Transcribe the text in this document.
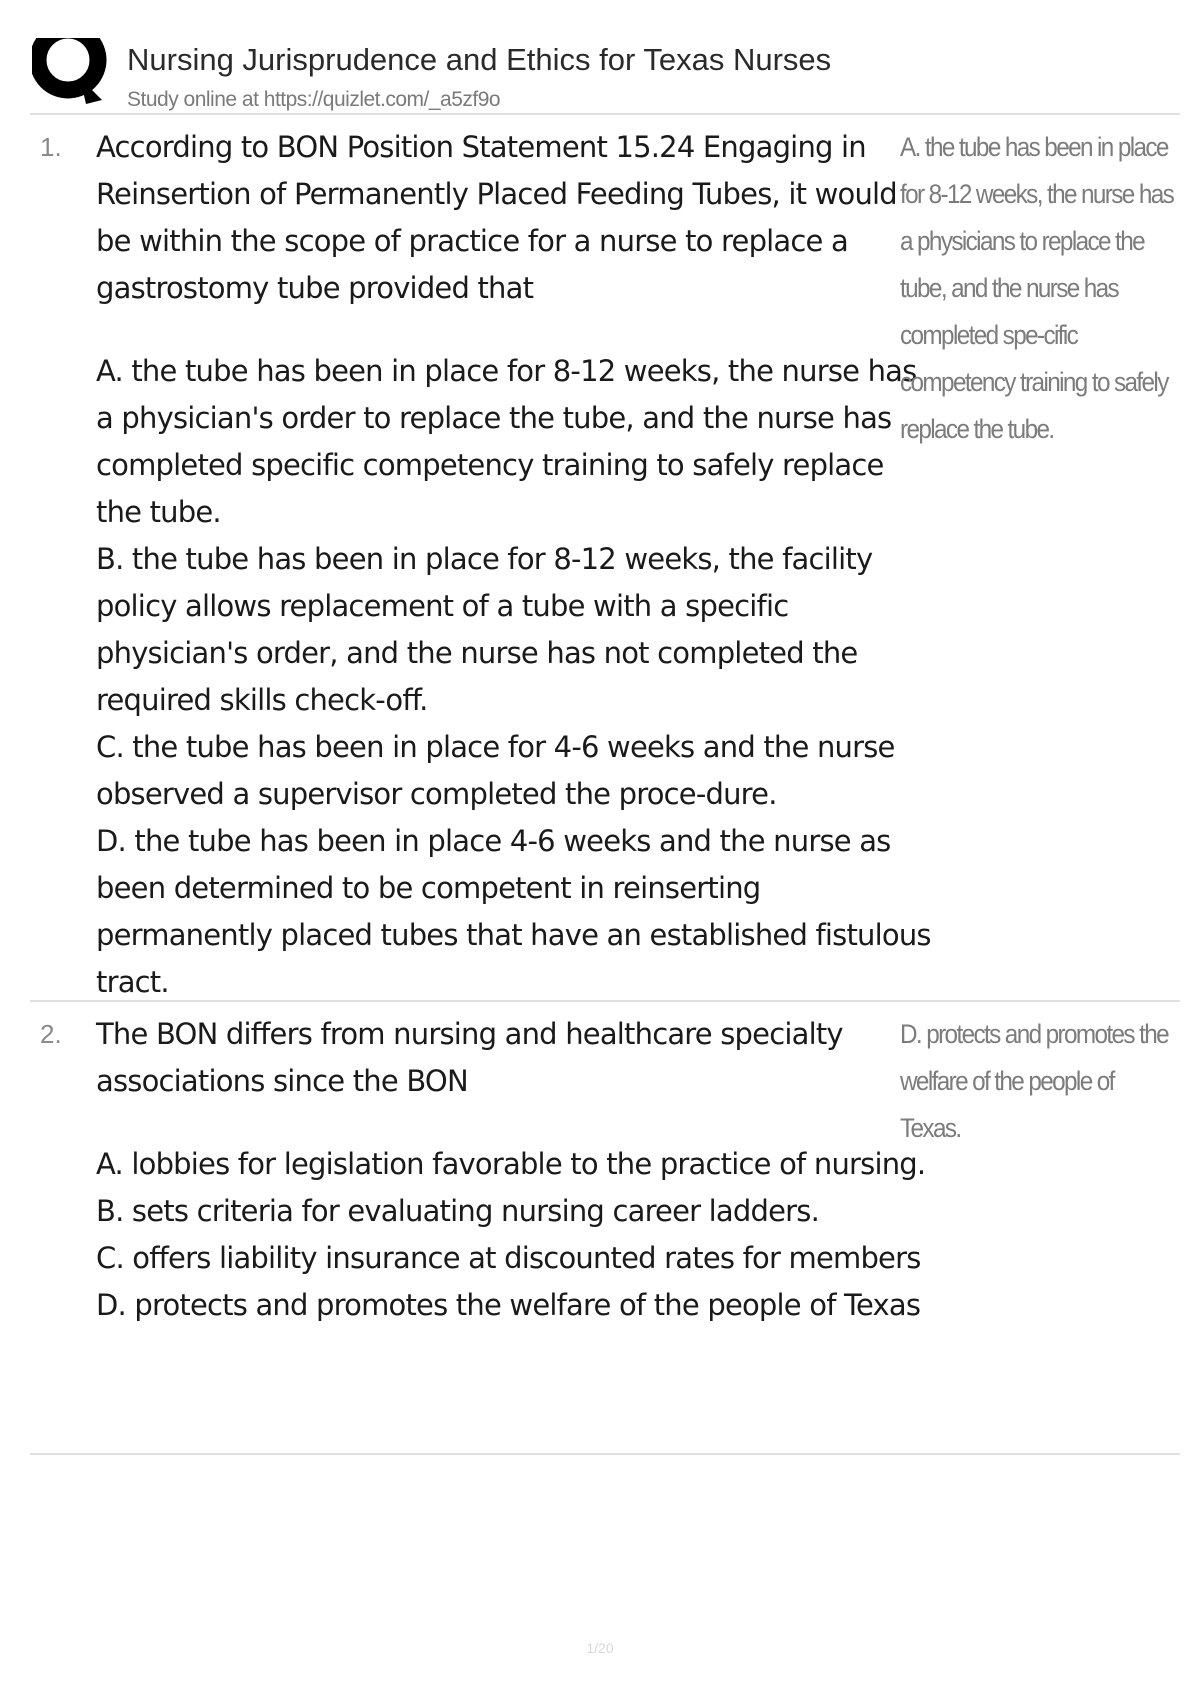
Nursing Jurisprudence and Ethics for Texas Nurses
Study online at https://quizlet.com/_a5zf9o
1. According to BON Position Statement 15.24 Engaging in Reinsertion of Permanently Placed Feeding Tubes, it would be within the scope of practice for a nurse to replace a gastrostomy tube provided that

A. the tube has been in place for 8-12 weeks, the nurse has a physician's order to replace the tube, and the nurse has completed specific competency training to safely replace the tube.

B. the tube has been in place for 8-12 weeks, the facility policy allows replacement of a tube with a specific physician's order, and the nurse has not completed the required skills check-off.

C. the tube has been in place for 4-6 weeks and the nurse observed a supervisor completed the proce-dure.

D. the tube has been in place 4-6 weeks and the nurse as been determined to be competent in reinserting permanently placed tubes that have an established fistulous tract.

A. the tube has been in place for 8-12 weeks, the nurse has a physicians to replace the tube, and the nurse has completed spe-cific competency training to safely replace the tube.
2. The BON differs from nursing and healthcare specialty associations since the BON

A. lobbies for legislation favorable to the practice of nursing.

B. sets criteria for evaluating nursing career ladders.

C. offers liability insurance at discounted rates for members

D. protects and promotes the welfare of the people of Texas

D. protects and promotes the welfare of the people of Texas.
1/20
